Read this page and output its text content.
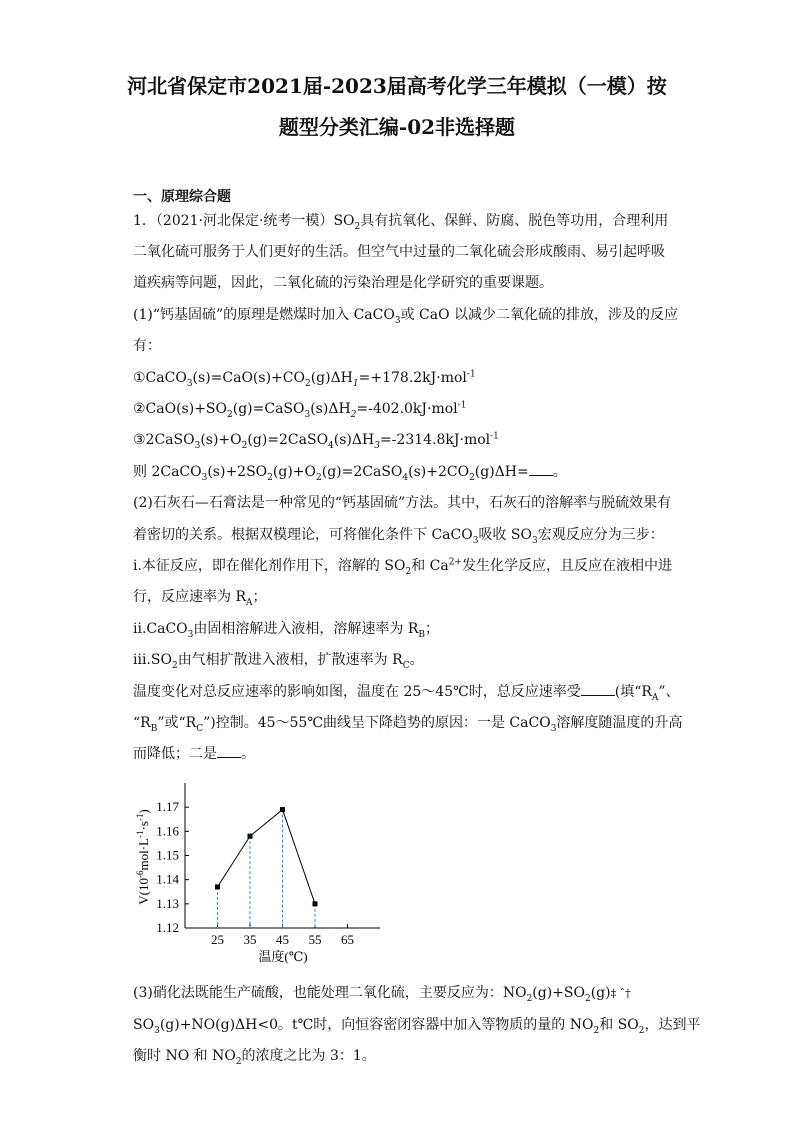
河北省保定市2021届-2023届高考化学三年模拟（一模）按
题型分类汇编-02非选择题
一、原理综合题
1．（2021·河北保定·统考一模）$SO_2$具有抗氧化、保鲜、防腐、脱色等功用，合理利用
二氧化硫可服务于人们更好的生活。但空气中过量的二氧化硫会形成酸雨、易引起呼吸
道疾病等问题，因此，二氧化硫的污染治理是化学研究的重要课题。
(1)“钙基固硫”的原理是燃煤时加入 CaCO$_3$或 CaO 以减少二氧化硫的排放，涉及的反应
有：
$①CaCO_3(s)=CaO(s)+CO_2(g)\Delta H_1=+178.2kJ\cdot mol^{-1}$
$②CaO(s)+SO_2(g)=CaSO_3(s)\Delta H_2=-402.0kJ\cdot mol^{-1}$
$③2CaSO_3(s)+O_2(g)=2CaSO_4(s)\Delta H_3=-2314.8kJ\cdot mol^{-1}$
则 $2CaCO_3(s)+2SO_2(g)+O_2(g)=2CaSO_4(s)+2CO_2(g)\Delta H=$ 。
(2)石灰石—石膏法是一种常见的“钙基固硫”方法。其中，石灰石的溶解率与脱硫效果有
着密切的关系。根据双模理论，可将催化条件下 CaCO$_3$吸收 $SO_3$宏观反应分为三步：
i.本征反应，即在催化剂作用下，溶解的 $SO_2$和 $Ca^{2+}$发生化学反应，且反应在液相中进
行，反应速率为 $R_A$；
ii.CaCO$_3$由固相溶解进入液相，溶解速率为 $R_B$；
$iii.SO_2$由气相扩散进入液相，扩散速率为 $R_C$。
温度变化对总反应速率的影响如图，温度在 25～45℃时，总反应速率受 (填“$R_A$”、
“$R_B$”或“$R_C$”)控制。45～55℃曲线呈下降趋势的原因：一是 CaCO$_3$溶解度随温度的升高
而降低；二是 。
1.12
1.13
1.14
1.15
1.16
1.17
25 35 45 55 65
$V(10^{-6}mol\cdot L^{-1}\cdot s^{-1})$
温度(℃)
(3)硝化法既能生产硫酸，也能处理二氧化硫，主要反应为：$NO_2(g)+SO_2(g)\ddagger$ ˆ†
$SO_3(g)+NO(g)\Delta H<0$。t℃时，向恒容密闭容器中加入等物质的量的 $NO_2$和 $SO_2$，达到平
衡时 NO 和 $NO_2$的浓度之比为 3：1。
